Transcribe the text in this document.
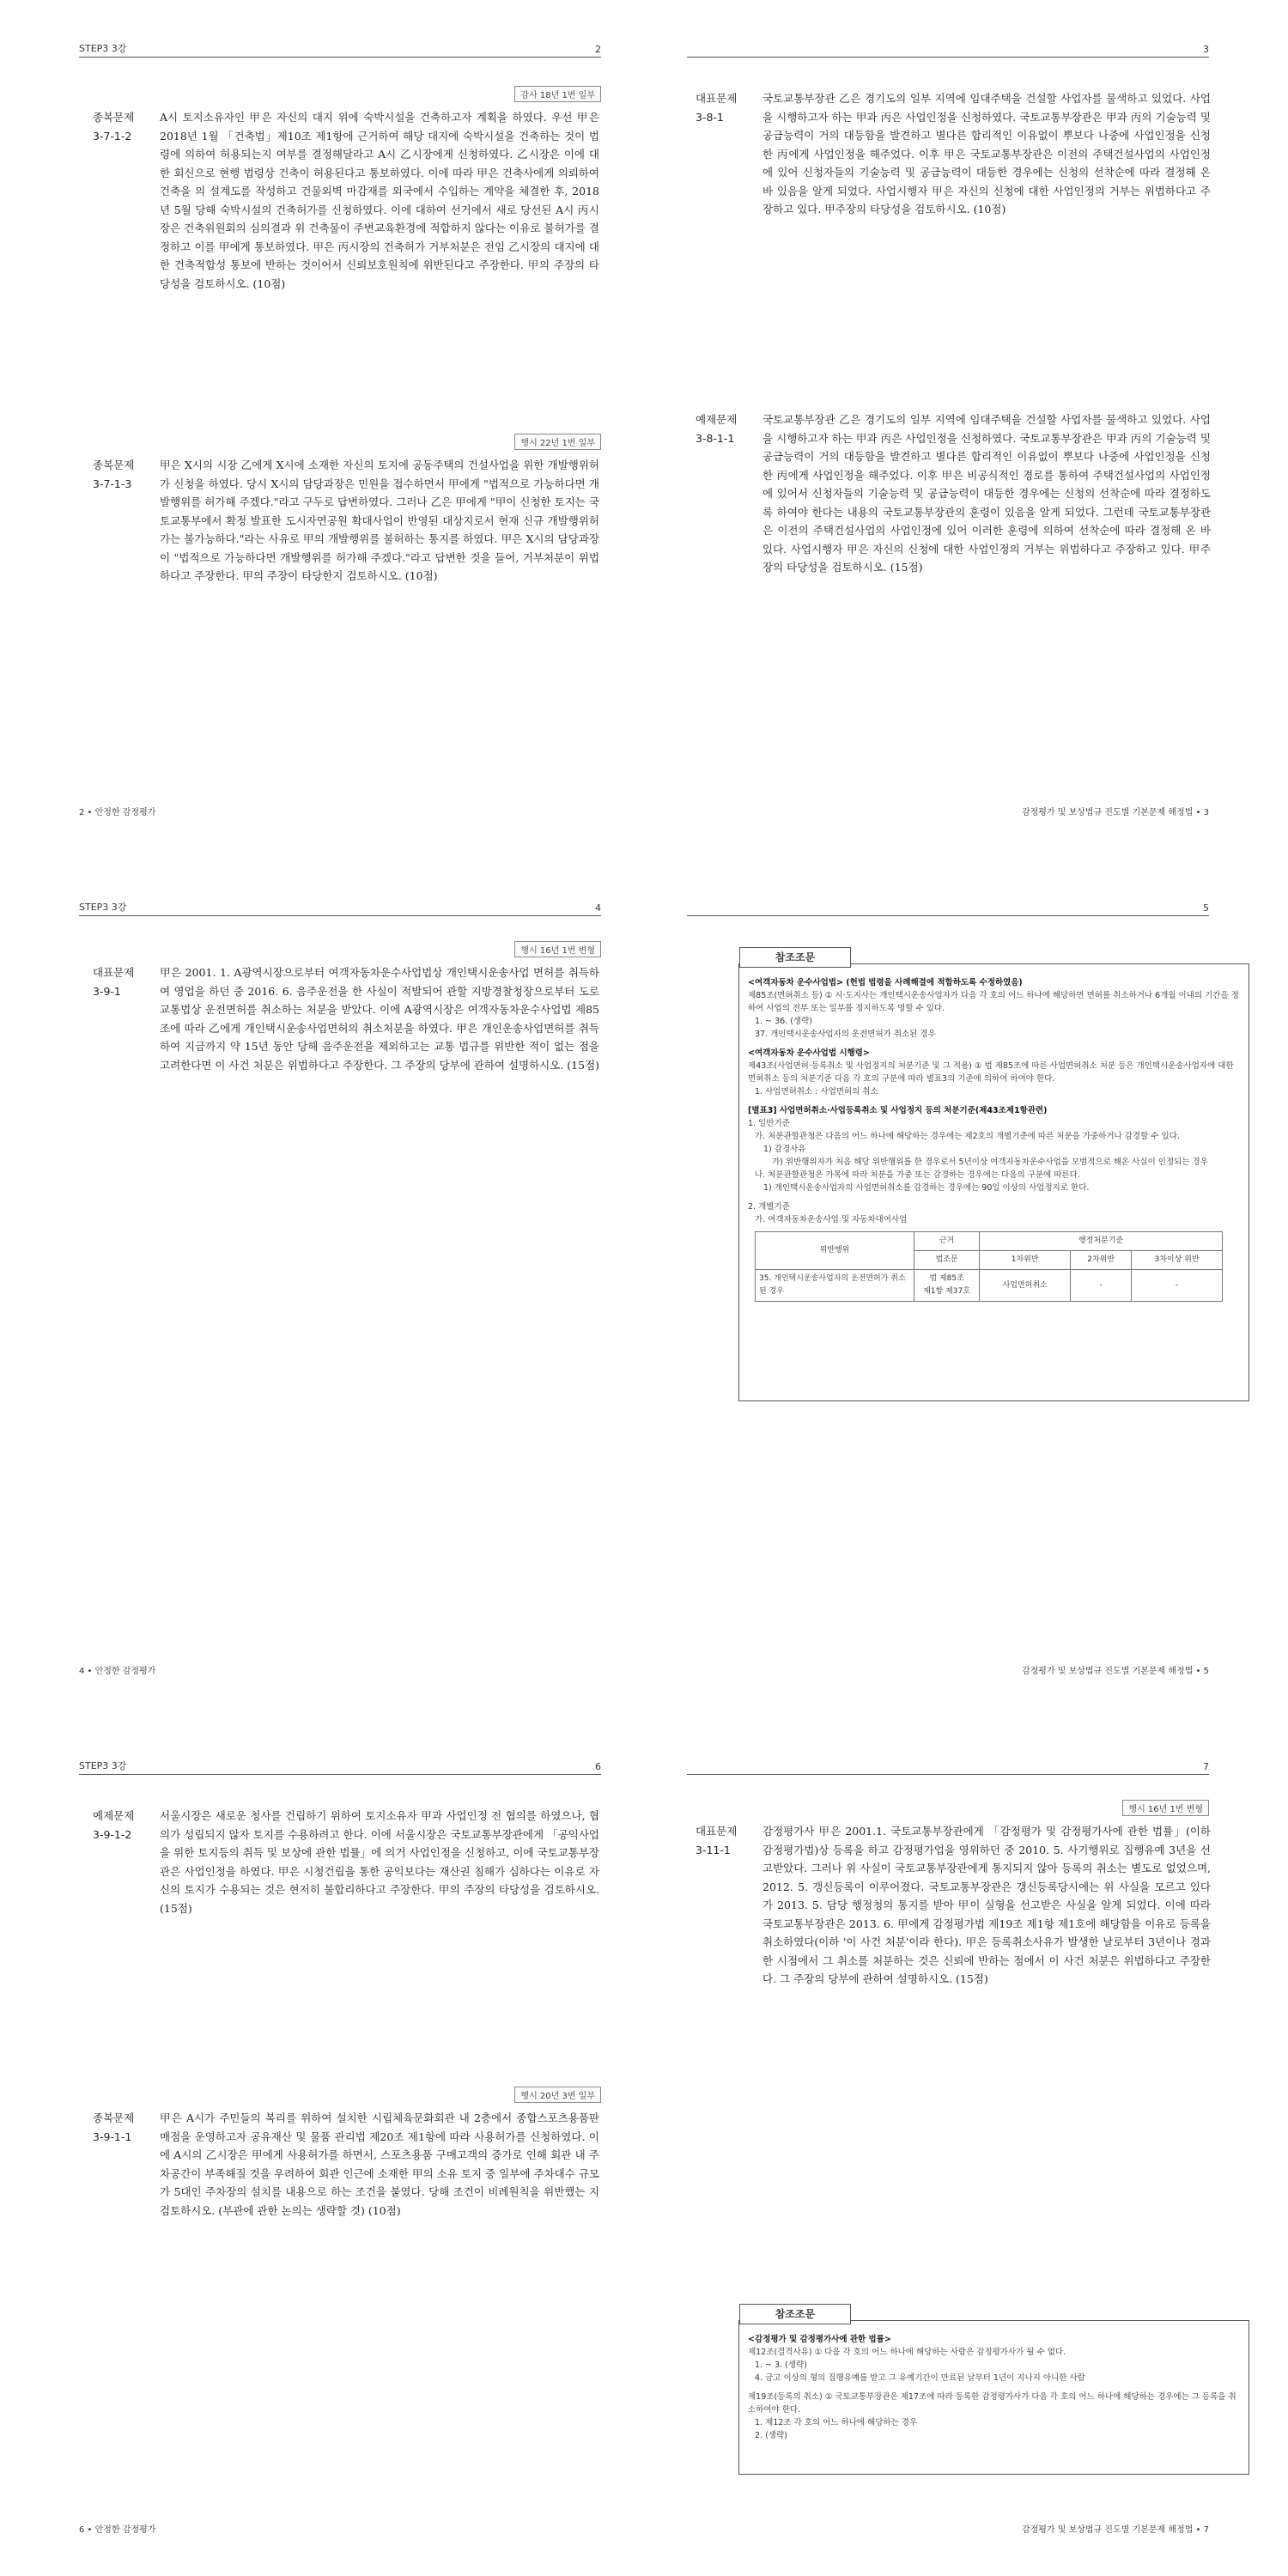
STEP3 3강	2
감사 18년 1번 일부
종복문제
3-7-1-2
A시 토지소유자인 甲은 자신의 대지 위에 숙박시설을 건축하고자 계획을 하였다. 우선 甲은 2018년 1월 「건축법」제10조 제1항에 근거하여 해당 대지에 숙박시설을 건축하는 것이 법령에 의하여 허용되는지 여부를 결정해달라고 A시 乙시장에게 신청하였다. 乙시장은 이에 대한 회신으로 현행 법령상 건축이 허용된다고 통보하였다. 이에 따라 甲은 건축사에게 의뢰하여 건축을 의 설계도를 작성하고 건물외벽 마감재를 외국에서 수입하는 계약을 체결한 후, 2018년 5월 당해 숙박시설의 건축허가를 신청하였다. 이에 대하여 선거에서 새로 당선된 A시 丙시장은 건축위원회의 심의결과 위 건축물이 주변교육환경에 적합하지 않다는 이유로 불허가를 결정하고 이를 甲에게 통보하였다. 甲은 丙시장의 건축허가 거부처분은 전임 乙시장의 대지에 대한 건축적합성 통보에 반하는 것이어서 신뢰보호원칙에 위반된다고 주장한다. 甲의 주장의 타당성을 검토하시오. (10점)
행시 22년 1번 일부
종복문제
3-7-1-3
甲은 X시의 시장 乙에게 X시에 소재한 자신의 토지에 공동주택의 건설사업을 위한 개발행위허가 신청을 하였다. 당시 X시의 담당과장은 민원을 접수하면서 甲에게 "법적으로 가능하다면 개발행위를 허가해 주겠다."라고 구두로 답변하였다. 그러나 乙은 甲에게 "甲이 신청한 토지는 국토교통부에서 확정 발표한 도시자연공원 확대사업이 반영된 대상지로서 현재 신규 개발행위허가는 불가능하다."라는 사유로 甲의 개발행위를 불허하는 통지를 하였다. 甲은 X시의 담당과장이 "법적으로 가능하다면 개발행위를 허가해 주겠다."라고 답변한 것을 들어, 거부처분이 위법하다고 주장한다. 甲의 주장이 타당한지 검토하시오. (10점)
2 • 안정한 감정평가
3
대표문제
3-8-1
국토교통부장관 乙은 경기도의 일부 지역에 임대주택을 건설할 사업자를 물색하고 있었다. 사업을 시행하고자 하는 甲과 丙은 사업인정을 신청하였다. 국토교통부장관은 甲과 丙의 기술능력 및 공급능력이 거의 대등함을 발견하고 별다른 합리적인 이유없이 뿌보다 나중에 사업인정을 신청한 丙에게 사업인정을 해주었다. 이후 甲은 국토교통부장관은 이전의 주택건설사업의 사업인정에 있어 신청자들의 기술능력 및 공급능력이 대등한 경우에는 신청의 선착순에 따라 결정해 온 바 있음을 알게 되었다. 사업시행자 甲은 자신의 신청에 대한 사업인정의 거부는 위법하다고 주장하고 있다. 甲주장의 타당성을 검토하시오. (10점)
예제문제
3-8-1-1
국토교통부장관 乙은 경기도의 일부 지역에 임대주택을 건설할 사업자를 물색하고 있었다. 사업을 시행하고자 하는 甲과 丙은 사업인정을 신청하였다. 국토교통부장관은 甲과 丙의 기술능력 및 공급능력이 거의 대등함을 발견하고 별다른 합리적인 이유없이 뿌보다 나중에 사업인정을 신청한 丙에게 사업인정을 해주었다. 이후 甲은 비공식적인 경로를 통하여 주택건설사업의 사업인정에 있어서 신청자들의 기술능력 및 공급능력이 대등한 경우에는 신청의 선착순에 따라 결정하도록 하여야 한다는 내용의 국토교통부장관의 훈령이 있음을 알게 되었다. 그런데 국토교통부장관은 이전의 주택건설사업의 사업인정에 있어 이러한 훈령에 의하여 선착순에 따라 결정해 온 바 있다. 사업시행자 甲은 자신의 신청에 대한 사업인정의 거부는 위법하다고 주장하고 있다. 甲주장의 타당성을 검토하시오. (15점)
감정평가 및 보상법규 진도별 기본문제 해정법 • 3
STEP3 3강	4
행시 16년 1번 변형
대표문제
3-9-1
甲은 2001. 1. A광역시장으로부터 여객자동차운수사업법상 개인택시운송사업 면허를 취득하여 영업을 하던 중 2016. 6. 음주운전을 한 사실이 적발되어 관할 지방경찰청장으로부터 도로교통법상 운전면허를 취소하는 처분을 받았다. 이에 A광역시장은 여객자동차운수사업법 제85조에 따라 乙에게 개인택시운송사업면허의 취소처분을 하였다. 甲은 개인운송사업면허를 취득하여 지금까지 약 15년 동안 당해 음주운전을 제외하고는 교통 법규를 위반한 적이 없는 점을 고려한다면 이 사건 처분은 위법하다고 주장한다. 그 주장의 당부에 관하여 설명하시오. (15점)
4 • 안정한 감정평가
5
참조조문
<여객자동차 운수사업법> (헌법 법령을 사례해결에 적합하도록 수정하였음)
제85조(면허취소 등) ① 시·도지사는 개인택시운송사업자가 다음 각 호의 어느 하나에 해당하면 면허를 취소하거나 6개월 이내의 기간을 정하여 사업의 전부 또는 일부를 정지하도록 명할 수 있다.
1. ~ 36. (생략)
37. 개인택시운송사업자의 운전면허가 취소된 경우
<여객자동차 운수사업법 시행령>
제43조(사업면허·등록취소 및 사업정지의 처분기준 및 그 적용) ① 법 제85조에 따른 사업면허취소 처분 등은 개인택시운송사업자에 대한 면허취소 등의 처분기준 다음 각 호의 구분에 따라 별표3의 기준에 의하여 하여야 한다.
1. 사업면허취소 : 사업면허의 취소
[별표3] 사업면허취소·사업등록취소 및 사업정지 등의 처분기준(제43조제1항관련)
1. 일반기준
가. 처분관할관청은 다음의 어느 하나에 해당하는 경우에는 제2호의 개별기준에 따른 처분을 가중하거나 감경할 수 있다.
1) 감경사유
가) 위반행위자가 처음 해당 위반행위를 한 경우로서 5년이상 여객자동차운수사업을 모범적으로 해온 사실이 인정되는 경우
나. 처분관할관청은 가목에 따라 처분을 가중 또는 감경하는 경우에는 다음의 구분에 따른다.
1) 개인택시운송사업자의 사업면허취소를 감경하는 경우에는 90일 이상의 사업정지로 한다.
2. 개별기준
가. 여객자동차운송사업 및 자동차대여사업
위반행위	근거	행정처분기준		
	법조문	1차위반	2차위반	3차이상 위반
35. 개인택시운송사업자의 운전면허가 취소된 경우	법 제85조
제1항 제37호	사업면허취소	-	-
감정평가 및 보상법규 진도별 기본문제 해정법 • 5
STEP3 3강	6
예제문제
3-9-1-2
서울시장은 새로운 청사를 건립하기 위하여 토지소유자 甲과 사업인정 전 협의를 하였으나, 협의가 성립되지 않자 토지를 수용하려고 한다. 이에 서울시장은 국토교통부장관에게 「공익사업을 위한 토지등의 취득 및 보상에 관한 법률」에 의거 사업인정을 신청하고, 이에 국토교통부장관은 사업인정을 하였다. 甲은 시청건립을 통한 공익보다는 재산권 침해가 심하다는 이유로 자신의 토지가 수용되는 것은 현저히 불합리하다고 주장한다. 甲의 주장의 타당성을 검토하시오. (15점)
행시 20년 3번 일부
종복문제
3-9-1-1
甲은 A시가 주민들의 복리를 위하여 설치한 시립체육문화회관 내 2층에서 종합스포츠용품판매점을 운영하고자 공유재산 및 물품 관리법 제20조 제1항에 따라 사용허가를 신청하였다. 이에 A시의 乙시장은 甲에게 사용허가를 하면서, 스포츠용품 구매고객의 증가로 인해 회관 내 주차공간이 부족해질 것을 우려하여 회관 인근에 소재한 甲의 소유 토지 중 일부에 주차대수 규모가 5대인 주차장의 설치를 내용으로 하는 조건을 붙였다. 당해 조건이 비례원칙을 위반했는 지 검토하시오. (부관에 관한 논의는 생략할 것) (10점)
6 • 안정한 감정평가
7
행시 16년 1번 변형
대표문제
3-11-1
감정평가사 甲은 2001.1. 국토교통부장관에게 「감정평가 및 감정평가사에 관한 법률」(이하 감정평가법)상 등록을 하고 감정평가업을 영위하던 중 2010. 5. 사기행위로 집행유예 3년을 선고받았다. 그러나 위 사실이 국토교통부장관에게 통지되지 않아 등록의 취소는 별도로 없었으며, 2012. 5. 갱신등록이 이루어졌다. 국토교통부장관은 갱신등록당시에는 위 사실을 모르고 있다가 2013. 5. 담당 행정청의 통지를 받아 甲이 실형을 선고받은 사실을 알게 되었다. 이에 따라 국토교통부장관은 2013. 6. 甲에게 감정평가법 제19조 제1항 제1호에 해당함을 이유로 등록을 취소하였다(이하 '이 사건 처분'이라 한다). 甲은 등록취소사유가 발생한 날로부터 3년이나 경과한 시점에서 그 취소를 처분하는 것은 신뢰에 반하는 점에서 이 사건 처분은 위법하다고 주장한다. 그 주장의 당부에 관하여 설명하시오. (15점)
참조조문
<감정평가 및 감정평가사에 관한 법률>
제12조(결격사유) ① 다음 각 호의 어느 하나에 해당하는 사람은 감정평가사가 될 수 없다.
1. ~ 3. (생략)
4. 금고 이상의 형의 집행유예를 받고 그 유예기간이 만료된 날부터 1년이 지나지 아니한 사람
제19조(등록의 취소) ① 국토교통부장관은 제17조에 따라 등록한 감정평가사가 다음 각 호의 어느 하나에 해당하는 경우에는 그 등록을 취소하여야 한다.
1. 제12조 각 호의 어느 하나에 해당하는 경우
2. (생략)
감정평가 및 보상법규 진도별 기본문제 해정법 • 7
